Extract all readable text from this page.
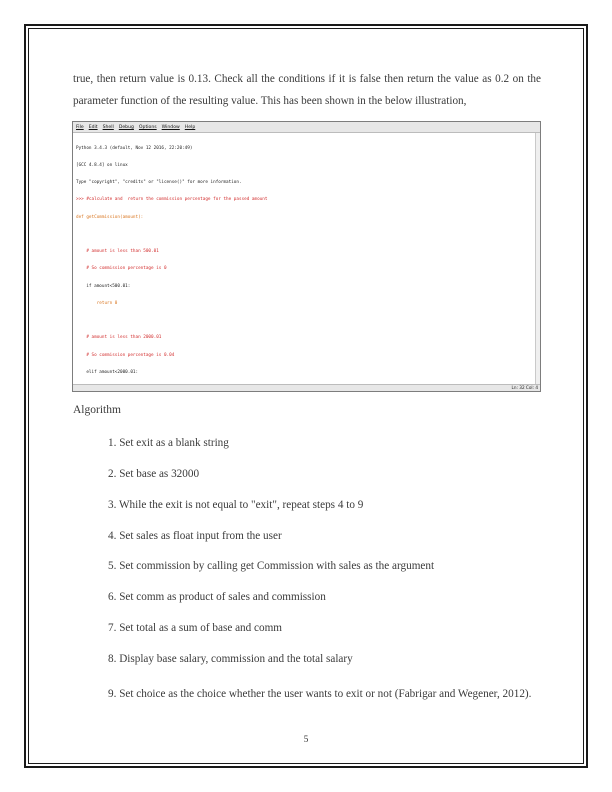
true, then return value is 0.13. Check all the conditions if it is false then return the value as 0.2 on the parameter function of the resulting value. This has been shown in the below illustration,

File Edit Shell Debug Options Window Help

Python 3.4.3 (default, Nov 12 2016, 22:20:49)

[GCC 4.8.4] on linux

Type "copyright", "credits" or "license()" for more information.

>>> #calculate and  return the commission percentage for the passed amount

def getCommission(amount):

# amount is less than 500.01

# So commission percentage is 0

if amount<500.01:

return 0

# amount is less than 2000.01

# So commission percentage is 0.04

elif amount<2000.01:

Ln: 32 Col: 4
Algorithm

1. Set exit as a blank string

2. Set base as 32000

3. While the exit is not equal to "exit", repeat steps 4 to 9

4. Set sales as float input from the user

5. Set commission by calling get Commission with sales as the argument

6. Set comm as product of sales and commission

7. Set total as a sum of base and comm

8. Display base salary, commission and the total salary

9. Set choice as the choice whether the user wants to exit or not (Fabrigar and Wegener, 2012).

5
